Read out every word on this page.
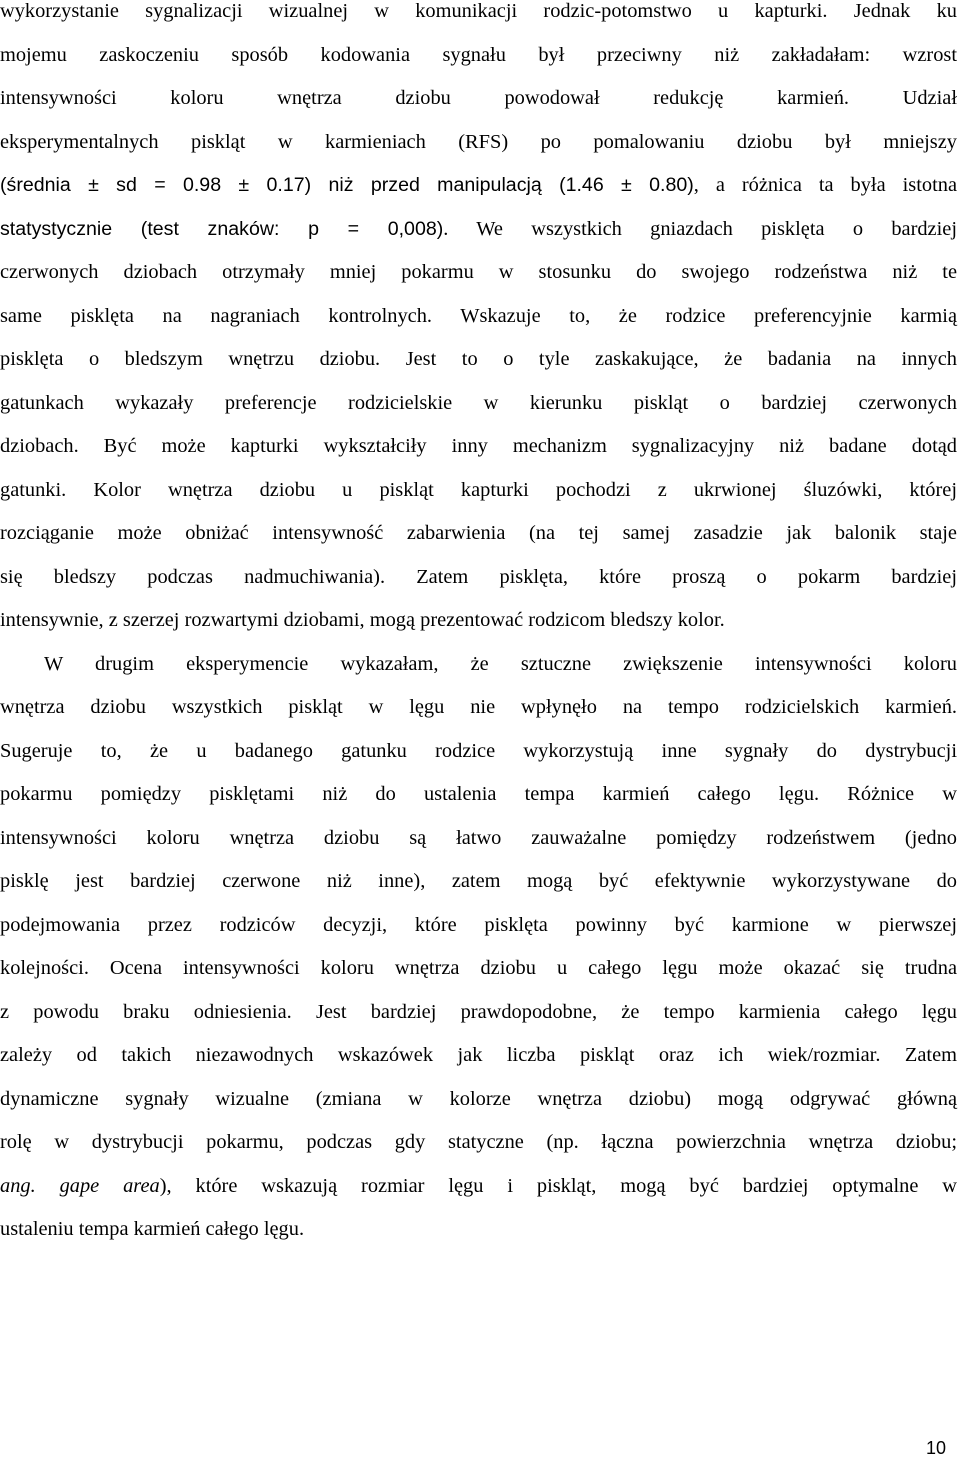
wykorzystanie sygnalizacji wizualnej w komunikacji rodzic-potomstwo u kapturki. Jednak ku

mojemu zaskoczeniu sposób kodowania sygnału był przeciwny niż zakładałam: wzrost

intensywności koloru wnętrza dziobu powodował redukcję karmień. Udział

eksperymentalnych piskląt w karmieniach (RFS) po pomalowaniu dziobu był mniejszy

(średnia ± sd = 0.98 ± 0.17) niż przed manipulacją (1.46 ± 0.80), a różnica ta była istotna

statystycznie (test znaków: p = 0,008). We wszystkich gniazdach pisklęta o bardziej

czerwonych dziobach otrzymały mniej pokarmu w stosunku do swojego rodzeństwa niż te

same pisklęta na nagraniach kontrolnych. Wskazuje to, że rodzice preferencyjnie karmią

pisklęta o bledszym wnętrzu dziobu. Jest to o tyle zaskakujące, że badania na innych

gatunkach wykazały preferencje rodzicielskie w kierunku piskląt o bardziej czerwonych

dziobach. Być może kapturki wykształciły inny mechanizm sygnalizacyjny niż badane dotąd

gatunki. Kolor wnętrza dziobu u piskląt kapturki pochodzi z ukrwionej śluzówki, której

rozciąganie może obniżać intensywność zabarwienia (na tej samej zasadzie jak balonik staje

się bledszy podczas nadmuchiwania). Zatem pisklęta, które proszą o pokarm bardziej

intensywnie, z szerzej rozwartymi dziobami, mogą prezentować rodzicom bledszy kolor.

W drugim eksperymencie wykazałam, że sztuczne zwiększenie intensywności koloru

wnętrza dziobu wszystkich piskląt w lęgu nie wpłynęło na tempo rodzicielskich karmień.

Sugeruje to, że u badanego gatunku rodzice wykorzystują inne sygnały do dystrybucji

pokarmu pomiędzy pisklętami niż do ustalenia tempa karmień całego lęgu. Różnice w

intensywności koloru wnętrza dziobu są łatwo zauważalne pomiędzy rodzeństwem (jedno

pisklę jest bardziej czerwone niż inne), zatem mogą być efektywnie wykorzystywane do

podejmowania przez rodziców decyzji, które pisklęta powinny być karmione w pierwszej

kolejności. Ocena intensywności koloru wnętrza dziobu u całego lęgu może okazać się trudna

z powodu braku odniesienia. Jest bardziej prawdopodobne, że tempo karmienia całego lęgu

zależy od takich niezawodnych wskazówek jak liczba piskląt oraz ich wiek/rozmiar. Zatem

dynamiczne sygnały wizualne (zmiana w kolorze wnętrza dziobu) mogą odgrywać główną

rolę w dystrybucji pokarmu, podczas gdy statyczne (np. łączna powierzchnia wnętrza dziobu;

ang. gape area), które wskazują rozmiar lęgu i piskląt, mogą być bardziej optymalne w

ustaleniu tempa karmień całego lęgu.

10
